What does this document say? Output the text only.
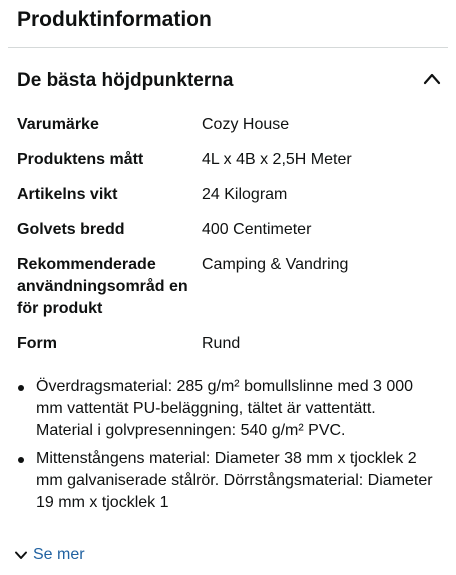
Produktinformation
De bästa höjdpunkterna
Varumärke	Cozy House
Produktens mått	4L x 4B x 2,5H Meter
Artikelns vikt	24 Kilogram
Golvets bredd	400 Centimeter
Rekommenderade användningsområd en för produkt	Camping & Vandring
Form	Rund
Överdragsmaterial: 285 g/m² bomullslinne med 3 000 mm vattentät PU-beläggning, tältet är vattentätt. Material i golvpresenningen: 540 g/m² PVC.
Mittenstångens material: Diameter 38 mm x tjocklek 2 mm galvaniserade stålrör. Dörrstångsmaterial: Diameter 19 mm x tjocklek 1
Se mer
